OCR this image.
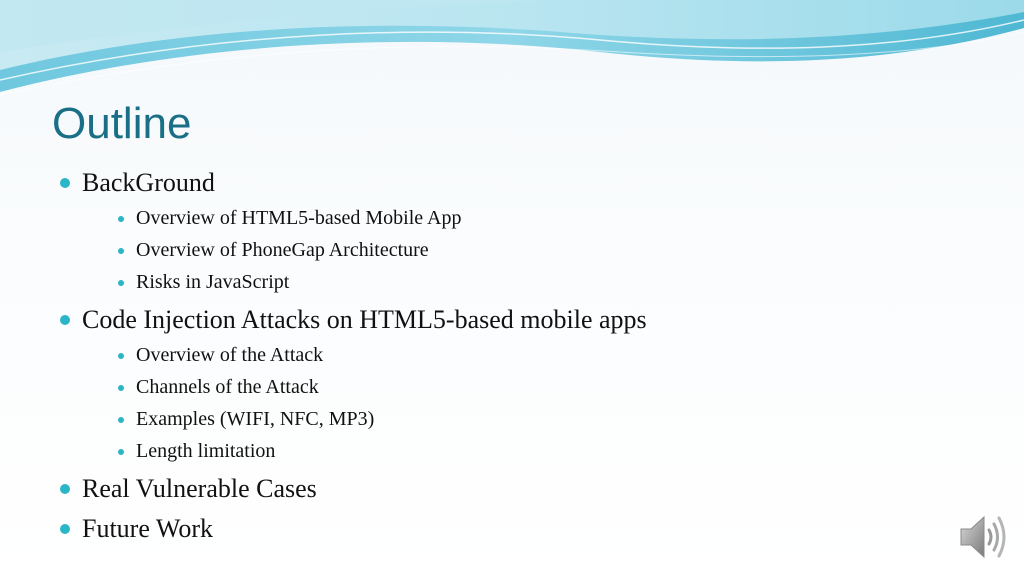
Outline
BackGround
Overview of HTML5-based Mobile App
Overview of PhoneGap Architecture
Risks in JavaScript
Code Injection Attacks on HTML5-based mobile apps
Overview of the Attack
Channels of the Attack
Examples (WIFI, NFC, MP3)
Length limitation
Real Vulnerable Cases
Future Work
